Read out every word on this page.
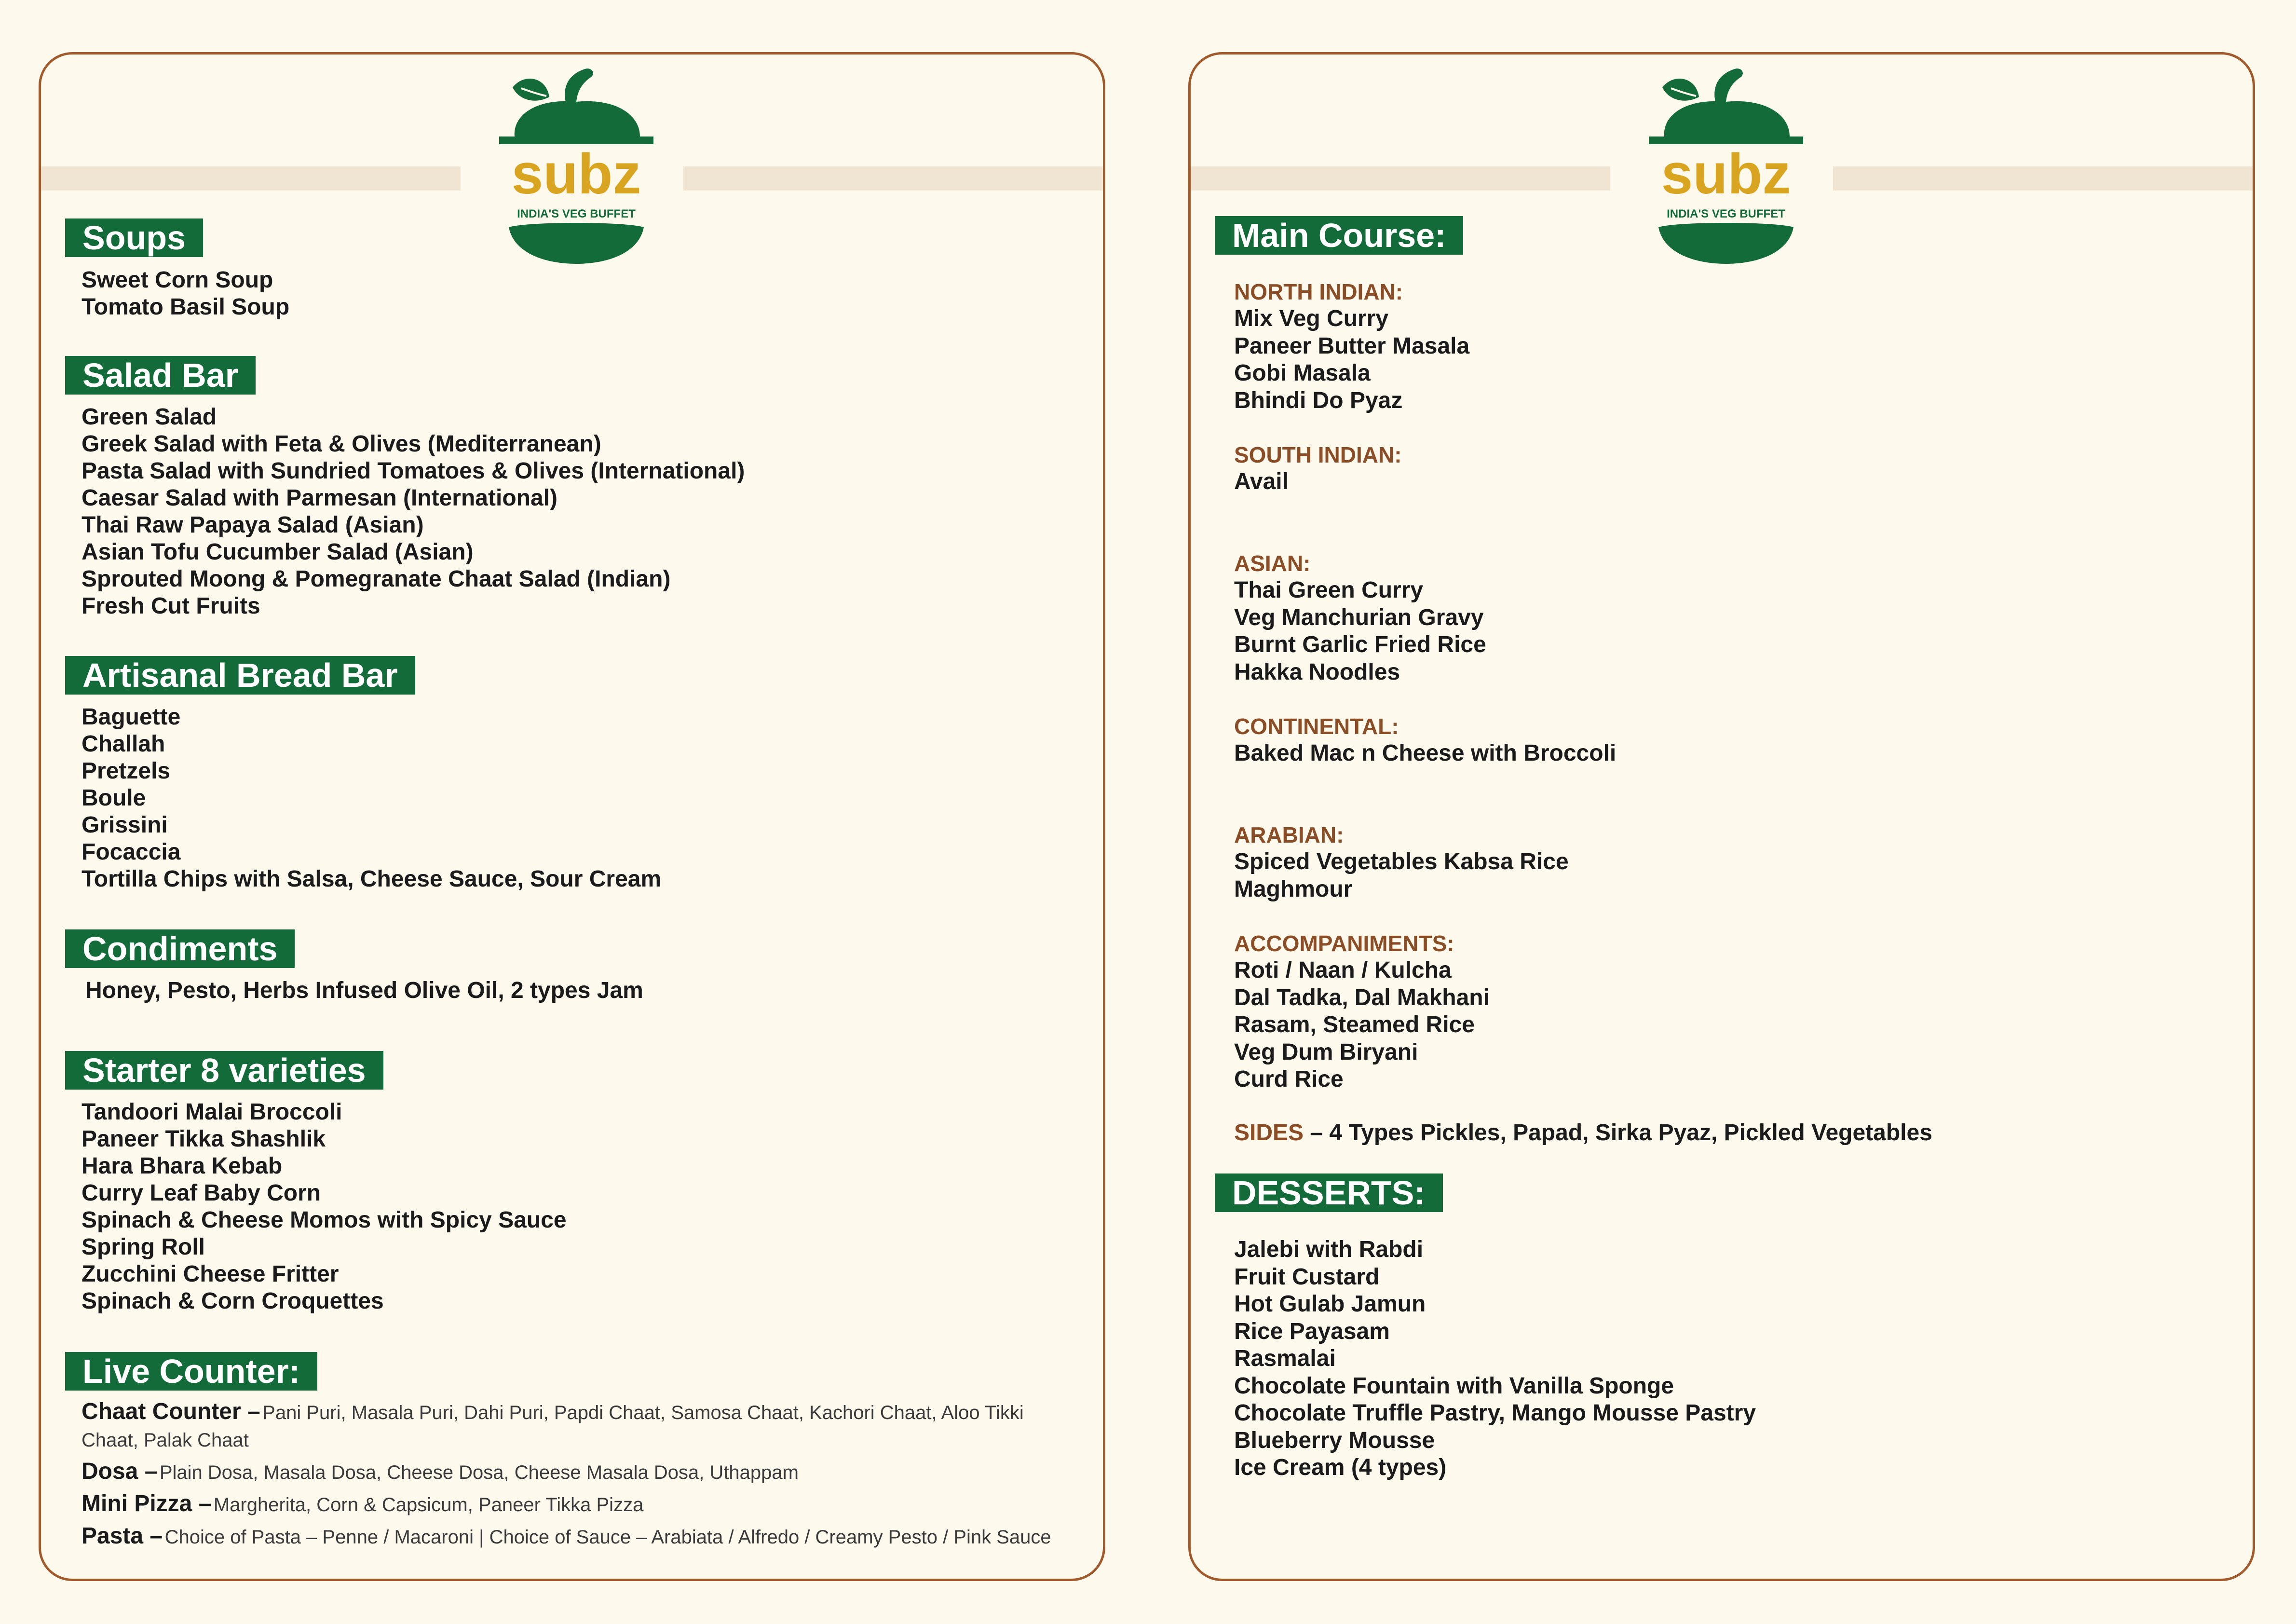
subz
INDIA'S VEG BUFFET
Soups
Sweet Corn Soup
Tomato Basil Soup
Salad Bar
Green Salad
Greek Salad with Feta & Olives (Mediterranean)
Pasta Salad with Sundried Tomatoes & Olives (International)
Caesar Salad with Parmesan (International)
Thai Raw Papaya Salad (Asian)
Asian Tofu Cucumber Salad (Asian)
Sprouted Moong & Pomegranate Chaat Salad (Indian)
Fresh Cut Fruits
Artisanal Bread Bar
Baguette
Challah
Pretzels
Boule
Grissini
Focaccia
Tortilla Chips with Salsa, Cheese Sauce, Sour Cream
Condiments
Honey, Pesto, Herbs Infused Olive Oil, 2 types Jam
Starter 8 varieties
Tandoori Malai Broccoli
Paneer Tikka Shashlik
Hara Bhara Kebab
Curry Leaf Baby Corn
Spinach & Cheese Momos with Spicy Sauce
Spring Roll
Zucchini Cheese Fritter
Spinach & Corn Croquettes
Live Counter:
Chaat Counter – Pani Puri, Masala Puri, Dahi Puri, Papdi Chaat, Samosa Chaat, Kachori Chaat, Aloo Tikki Chaat, Palak Chaat
Dosa – Plain Dosa, Masala Dosa, Cheese Dosa, Cheese Masala Dosa, Uthappam
Mini Pizza – Margherita, Corn & Capsicum, Paneer Tikka Pizza
Pasta – Choice of Pasta – Penne / Macaroni | Choice of Sauce – Arabiata / Alfredo / Creamy Pesto / Pink Sauce
subz
INDIA'S VEG BUFFET
Main Course:
NORTH INDIAN:
Mix Veg Curry
Paneer Butter Masala
Gobi Masala
Bhindi Do Pyaz
SOUTH INDIAN:
Avail
ASIAN:
Thai Green Curry
Veg Manchurian Gravy
Burnt Garlic Fried Rice
Hakka Noodles
CONTINENTAL:
Baked Mac n Cheese with Broccoli
ARABIAN:
Spiced Vegetables Kabsa Rice
Maghmour
ACCOMPANIMENTS:
Roti / Naan / Kulcha
Dal Tadka, Dal Makhani
Rasam, Steamed Rice
Veg Dum Biryani
Curd Rice
SIDES – 4 Types Pickles, Papad, Sirka Pyaz, Pickled Vegetables
DESSERTS:
Jalebi with Rabdi
Fruit Custard
Hot Gulab Jamun
Rice Payasam
Rasmalai
Chocolate Fountain with Vanilla Sponge
Chocolate Truffle Pastry, Mango Mousse Pastry
Blueberry Mousse
Ice Cream (4 types)
